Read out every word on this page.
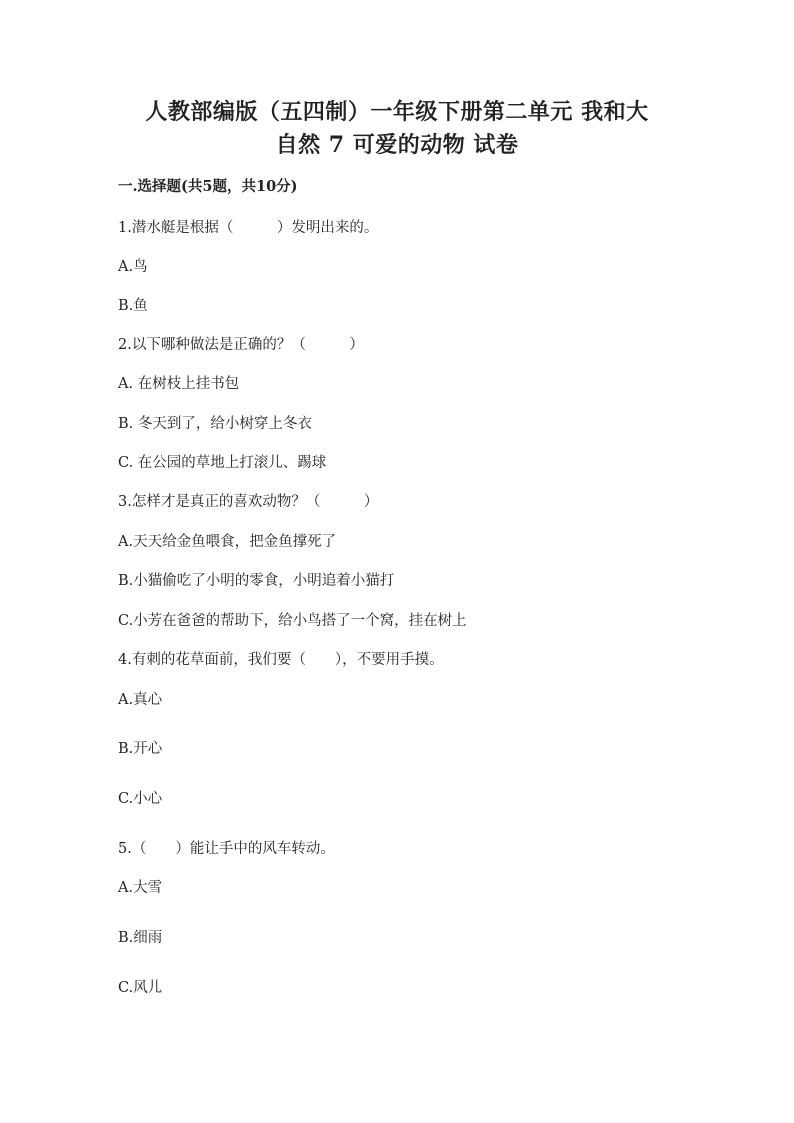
人教部编版（五四制）一年级下册第二单元 我和大
自然 7 可爱的动物 试卷
一.选择题(共5题，共10分)
1.潜水艇是根据（　　　）发明出来的。
A.鸟
B.鱼
2.以下哪种做法是正确的？（　　　）
A. 在树枝上挂书包
B. 冬天到了，给小树穿上冬衣
C. 在公园的草地上打滚儿、踢球
3.怎样才是真正的喜欢动物？（　　　）
A.天天给金鱼喂食，把金鱼撑死了
B.小猫偷吃了小明的零食，小明追着小猫打
C.小芳在爸爸的帮助下，给小鸟搭了一个窝，挂在树上
4.有刺的花草面前，我们要（　　），不要用手摸。
A.真心
B.开心
C.小心
5.（　　）能让手中的风车转动。
A.大雪
B.细雨
C.风儿
